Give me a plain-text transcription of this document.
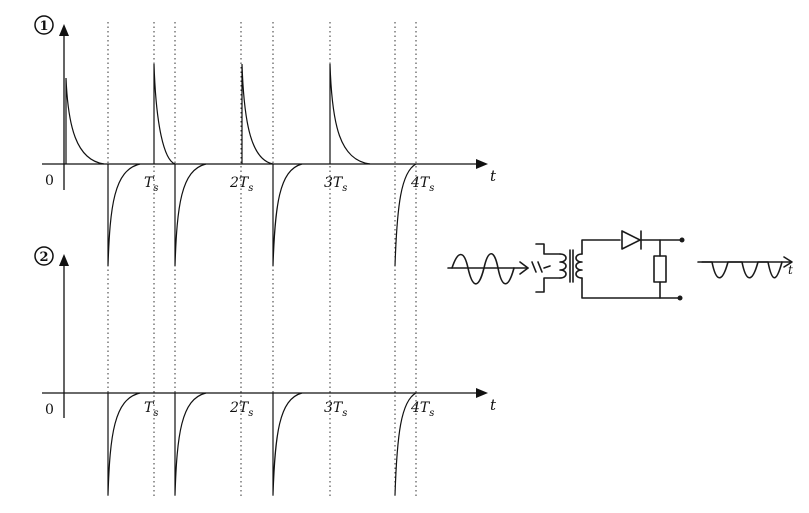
1
0	t
$T_s$	$2T_s$	$3T_s$	$4T_s$
2
0	t
$T_s$	$2T_s$	$3T_s$	$4T_s$
t
